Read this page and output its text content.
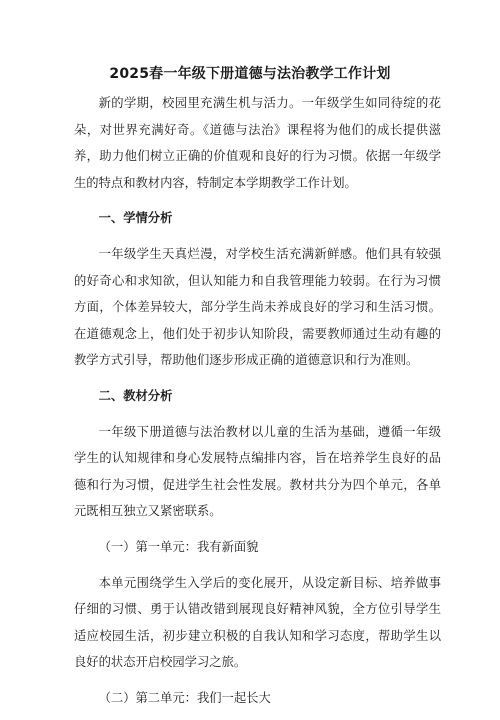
2025春一年级下册道德与法治教学工作计划

新的学期，校园里充满生机与活力。一年级学生如同待绽的花朵，对世界充满好奇。《道德与法治》课程将为他们的成长提供滋养，助力他们树立正确的价值观和良好的行为习惯。依据一年级学生的特点和教材内容，特制定本学期教学工作计划。

一、学情分析

一年级学生天真烂漫，对学校生活充满新鲜感。他们具有较强的好奇心和求知欲，但认知能力和自我管理能力较弱。在行为习惯方面，个体差异较大，部分学生尚未养成良好的学习和生活习惯。在道德观念上，他们处于初步认知阶段，需要教师通过生动有趣的教学方式引导，帮助他们逐步形成正确的道德意识和行为准则。

二、教材分析

一年级下册道德与法治教材以儿童的生活为基础，遵循一年级学生的认知规律和身心发展特点编排内容，旨在培养学生良好的品德和行为习惯，促进学生社会性发展。教材共分为四个单元，各单元既相互独立又紧密联系。

（一）第一单元：我有新面貌

本单元围绕学生入学后的变化展开，从设定新目标、培养做事仔细的习惯、勇于认错改错到展现良好精神风貌，全方位引导学生适应校园生活，初步建立积极的自我认知和学习态度，帮助学生以良好的状态开启校园学习之旅。

（二）第二单元：我们一起长大
